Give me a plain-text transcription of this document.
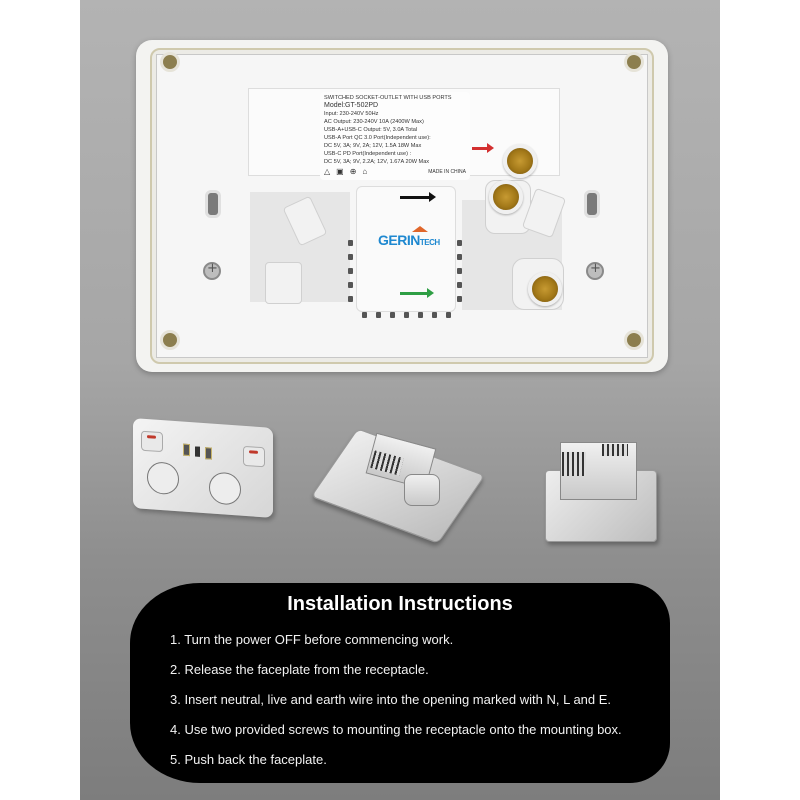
+
+
SWITCHED SOCKET-OUTLET WITH USB PORTS
Model:GT-502PD
Input: 230-240V 50Hz
AC Output: 230-240V 10A (2400W Max)
USB-A+USB-C Output: 5V, 3.0A Total
USB-A Port QC 3.0 Port(Independent use):
DC 5V, 3A; 9V, 2A; 12V, 1.5A 18W Max
USB-C PD Port(Independent use) :
DC 5V, 3A; 9V, 2.2A; 12V, 1.67A 20W Max
△ ▣ ⊕ ⌂	MADE IN CHINA
GERINTECH
Installation Instructions
1. Turn the power OFF before commencing work.
2. Release the faceplate from the receptacle.
3. Insert neutral, live and earth wire into the opening marked with N, L and E.
4. Use two provided screws to mounting the receptacle onto the mounting box.
5. Push back the faceplate.
